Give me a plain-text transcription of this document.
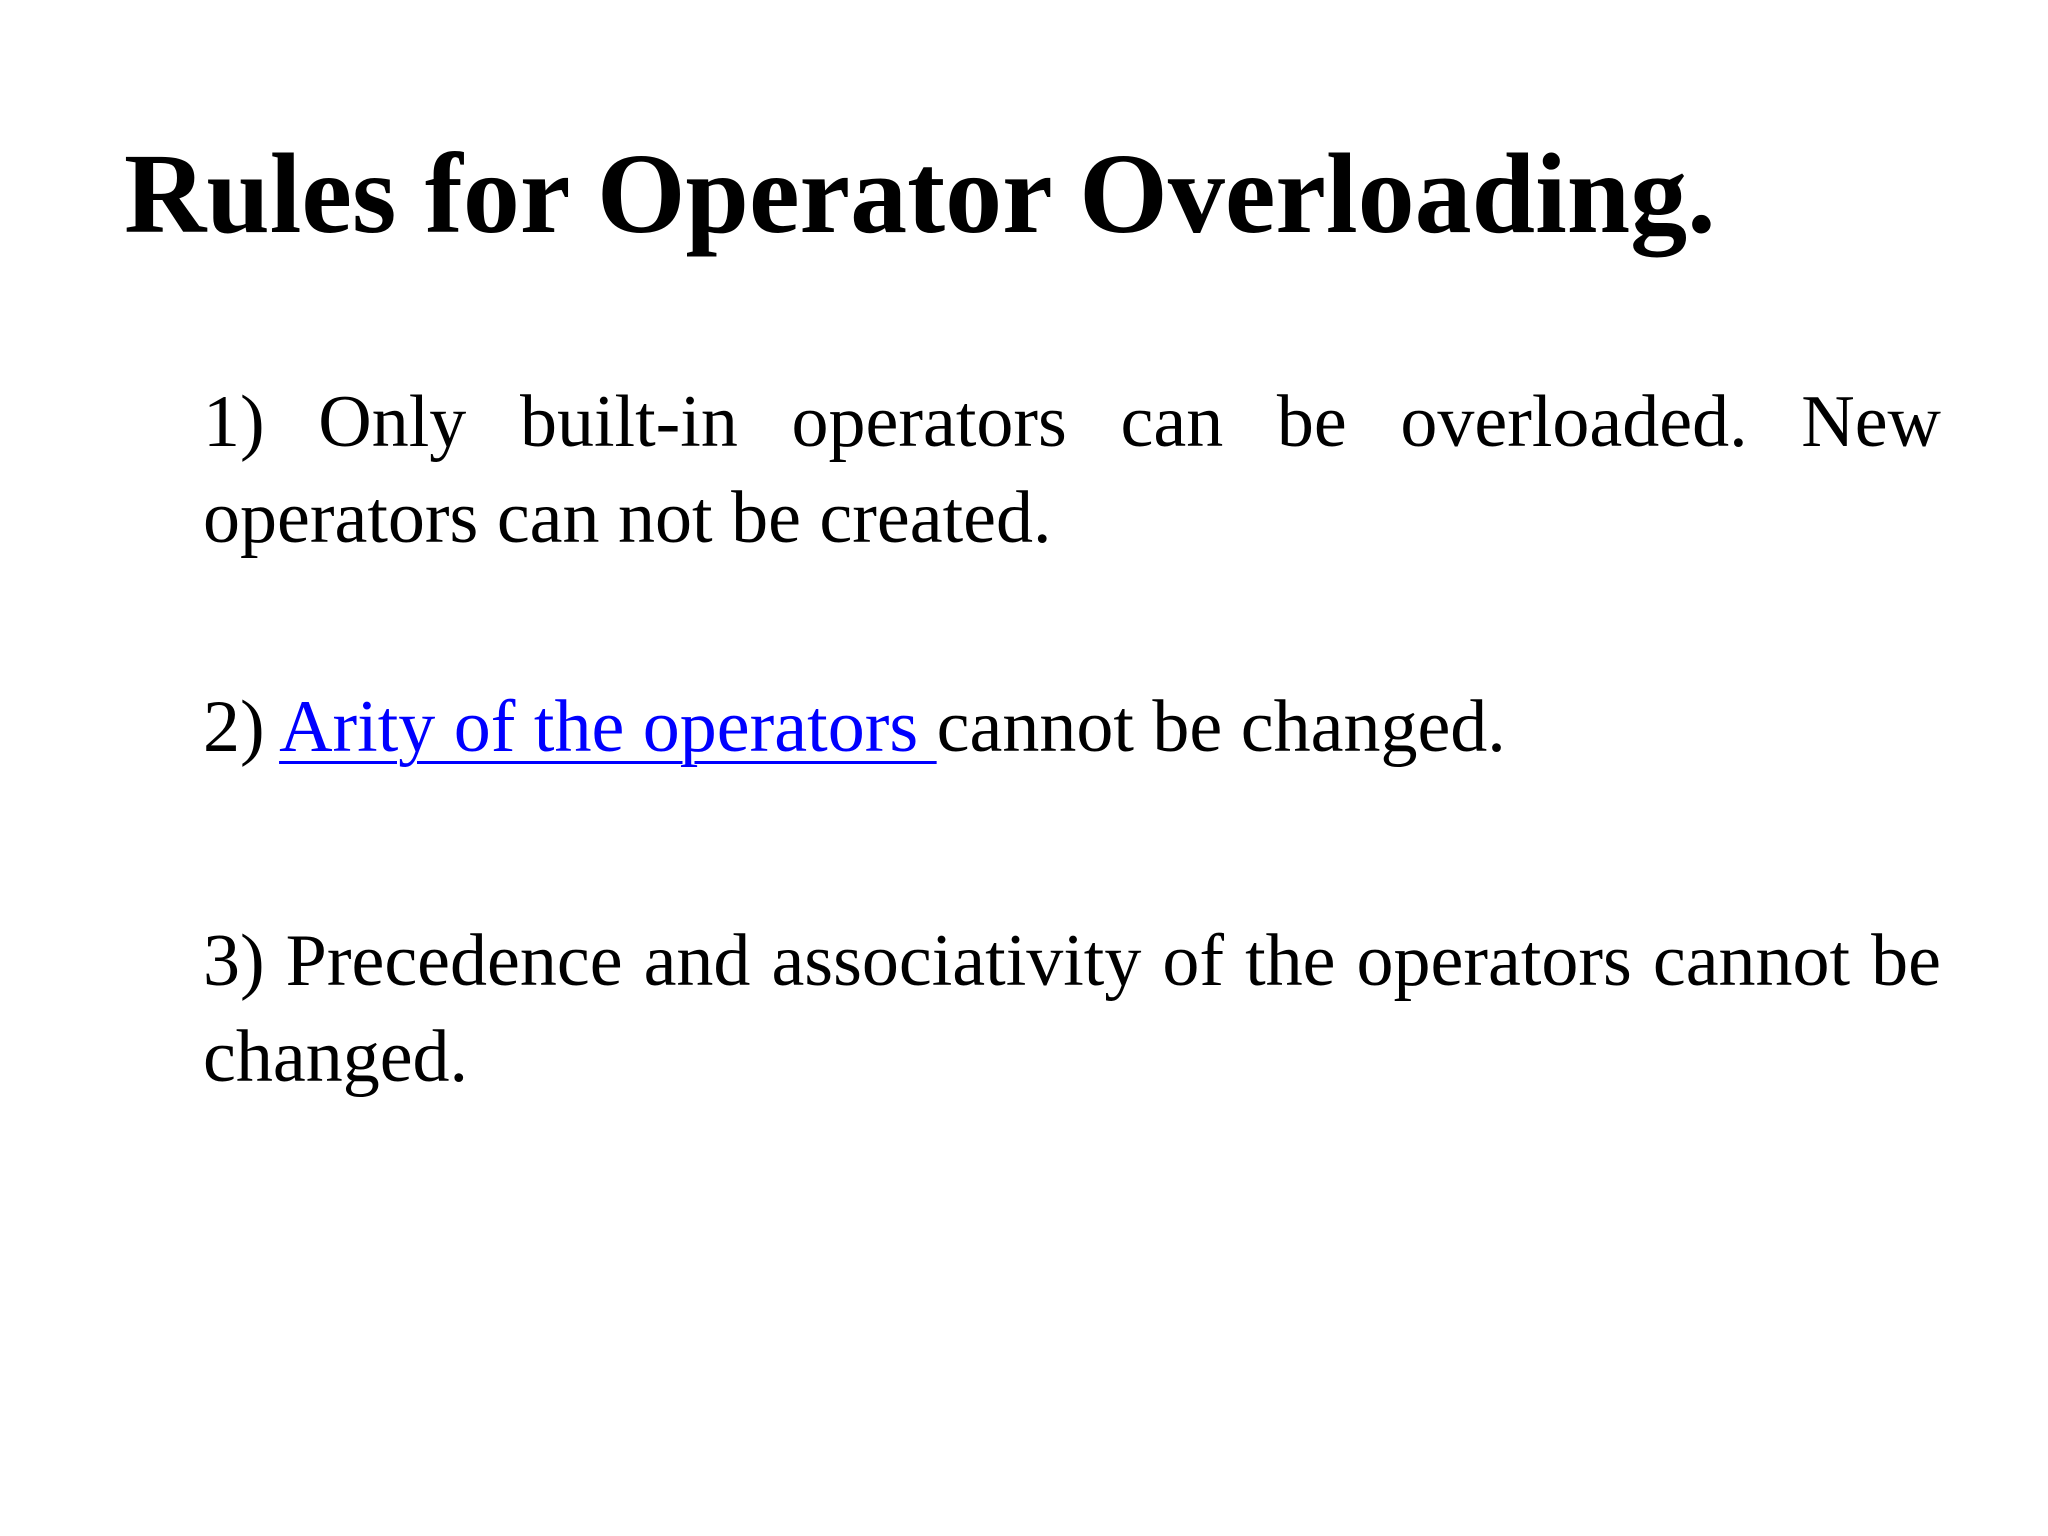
Rules for Operator Overloading.
1) Only built-in operators can be overloaded. New operators can not be created.
2) Arity of the operators cannot be changed.
3) Precedence and associativity of the operators cannot be changed.
